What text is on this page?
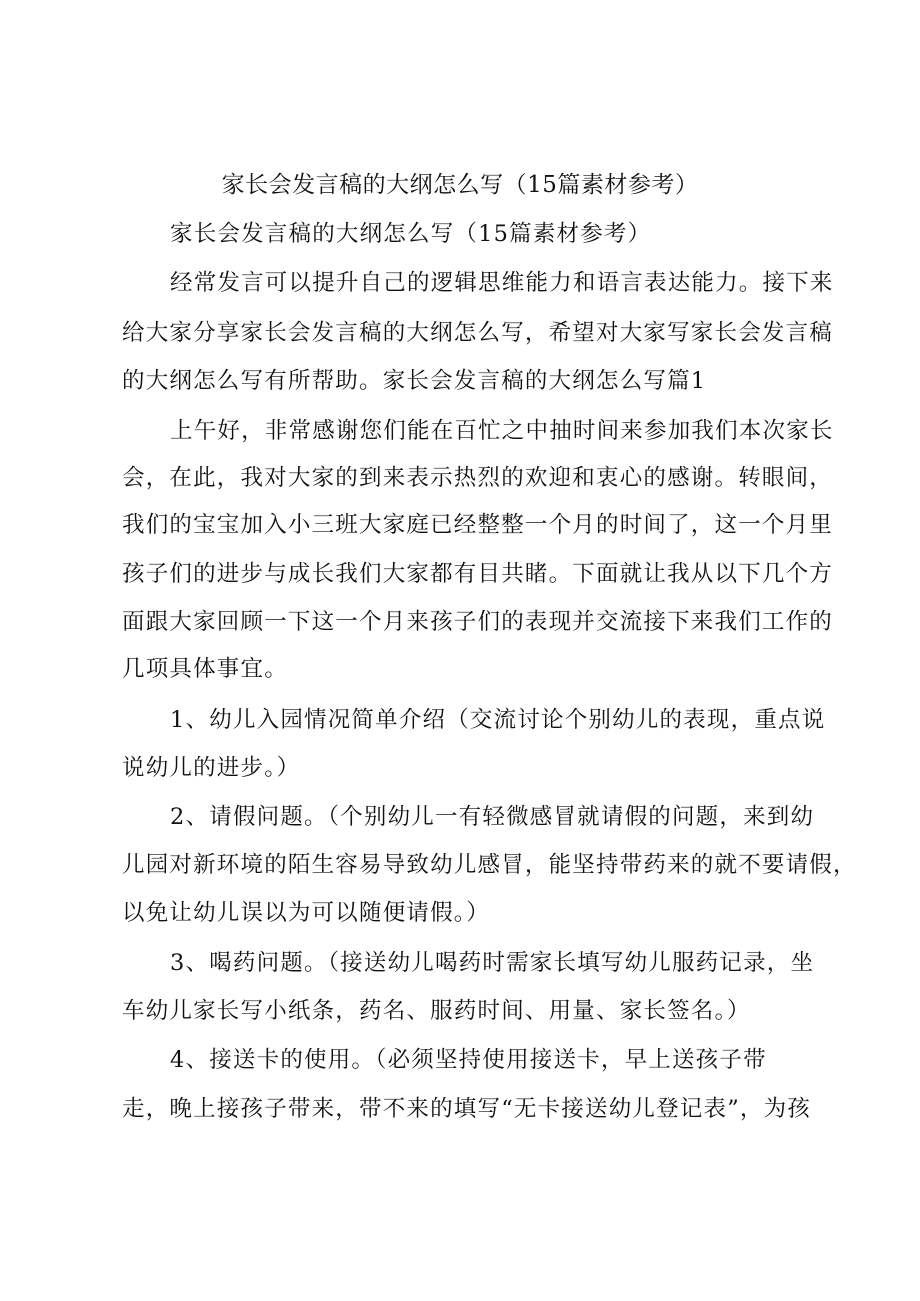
家长会发言稿的大纲怎么写（15篇素材参考）
家长会发言稿的大纲怎么写（15篇素材参考）
经常发言可以提升自己的逻辑思维能力和语言表达能力。接下来
给大家分享家长会发言稿的大纲怎么写，希望对大家写家长会发言稿
的大纲怎么写有所帮助。家长会发言稿的大纲怎么写篇1
上午好，非常感谢您们能在百忙之中抽时间来参加我们本次家长
会，在此，我对大家的到来表示热烈的欢迎和衷心的感谢。转眼间，
我们的宝宝加入小三班大家庭已经整整一个月的时间了，这一个月里
孩子们的进步与成长我们大家都有目共睹。下面就让我从以下几个方
面跟大家回顾一下这一个月来孩子们的表现并交流接下来我们工作的
几项具体事宜。
1、幼儿入园情况简单介绍（交流讨论个别幼儿的表现，重点说
说幼儿的进步。）
2、请假问题。（个别幼儿一有轻微感冒就请假的问题，来到幼
儿园对新环境的陌生容易导致幼儿感冒，能坚持带药来的就不要请假，
以免让幼儿误以为可以随便请假。）
3、喝药问题。（接送幼儿喝药时需家长填写幼儿服药记录，坐
车幼儿家长写小纸条，药名、服药时间、用量、家长签名。）
4、接送卡的使用。（必须坚持使用接送卡，早上送孩子带
走，晚上接孩子带来，带不来的填写“无卡接送幼儿登记表”，为孩
